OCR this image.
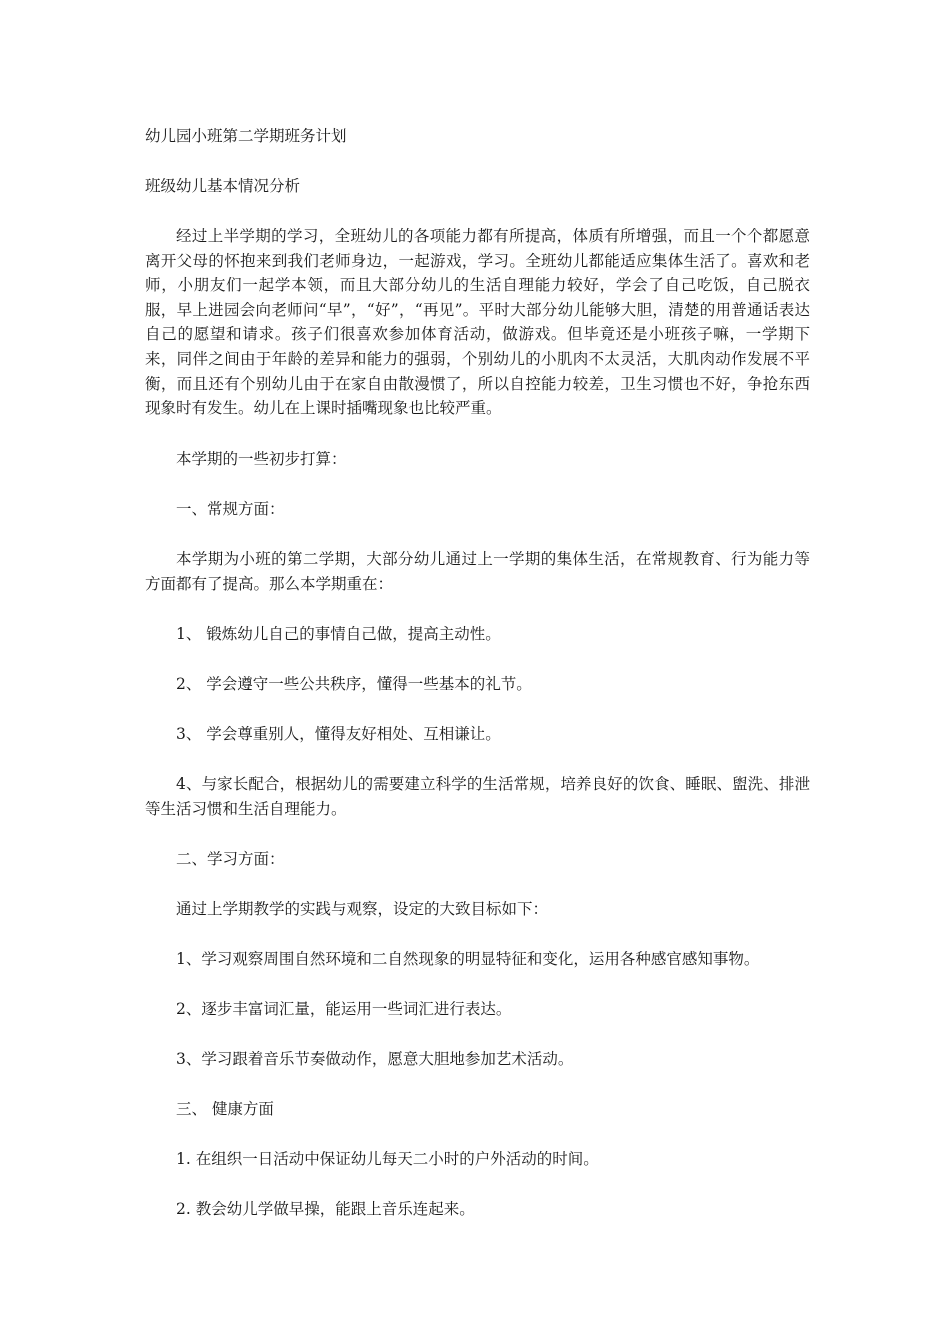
幼儿园小班第二学期班务计划

班级幼儿基本情况分析

经过上半学期的学习，全班幼儿的各项能力都有所提高，体质有所增强，而且一个个都愿意离开父母的怀抱来到我们老师身边，一起游戏，学习。全班幼儿都能适应集体生活了。喜欢和老师，小朋友们一起学本领，而且大部分幼儿的生活自理能力较好，学会了自己吃饭，自己脱衣服，早上进园会向老师问“早”，“好”，“再见”。平时大部分幼儿能够大胆，清楚的用普通话表达自己的愿望和请求。孩子们很喜欢参加体育活动，做游戏。但毕竟还是小班孩子嘛，一学期下来，同伴之间由于年龄的差异和能力的强弱，个别幼儿的小肌肉不太灵活，大肌肉动作发展不平衡，而且还有个别幼儿由于在家自由散漫惯了，所以自控能力较差，卫生习惯也不好，争抢东西现象时有发生。幼儿在上课时插嘴现象也比较严重。

本学期的一些初步打算：

一、常规方面：

本学期为小班的第二学期，大部分幼儿通过上一学期的集体生活，在常规教育、行为能力等方面都有了提高。那么本学期重在：

1、 锻炼幼儿自己的事情自己做，提高主动性。

2、 学会遵守一些公共秩序，懂得一些基本的礼节。

3、 学会尊重别人，懂得友好相处、互相谦让。

4、与家长配合，根据幼儿的需要建立科学的生活常规，培养良好的饮食、睡眠、盥洗、排泄等生活习惯和生活自理能力。

二、学习方面：

通过上学期教学的实践与观察，设定的大致目标如下：

1、学习观察周围自然环境和二自然现象的明显特征和变化，运用各种感官感知事物。

2、逐步丰富词汇量，能运用一些词汇进行表达。

3、学习跟着音乐节奏做动作，愿意大胆地参加艺术活动。

三、 健康方面

1. 在组织一日活动中保证幼儿每天二小时的户外活动的时间。

2. 教会幼儿学做早操，能跟上音乐连起来。
